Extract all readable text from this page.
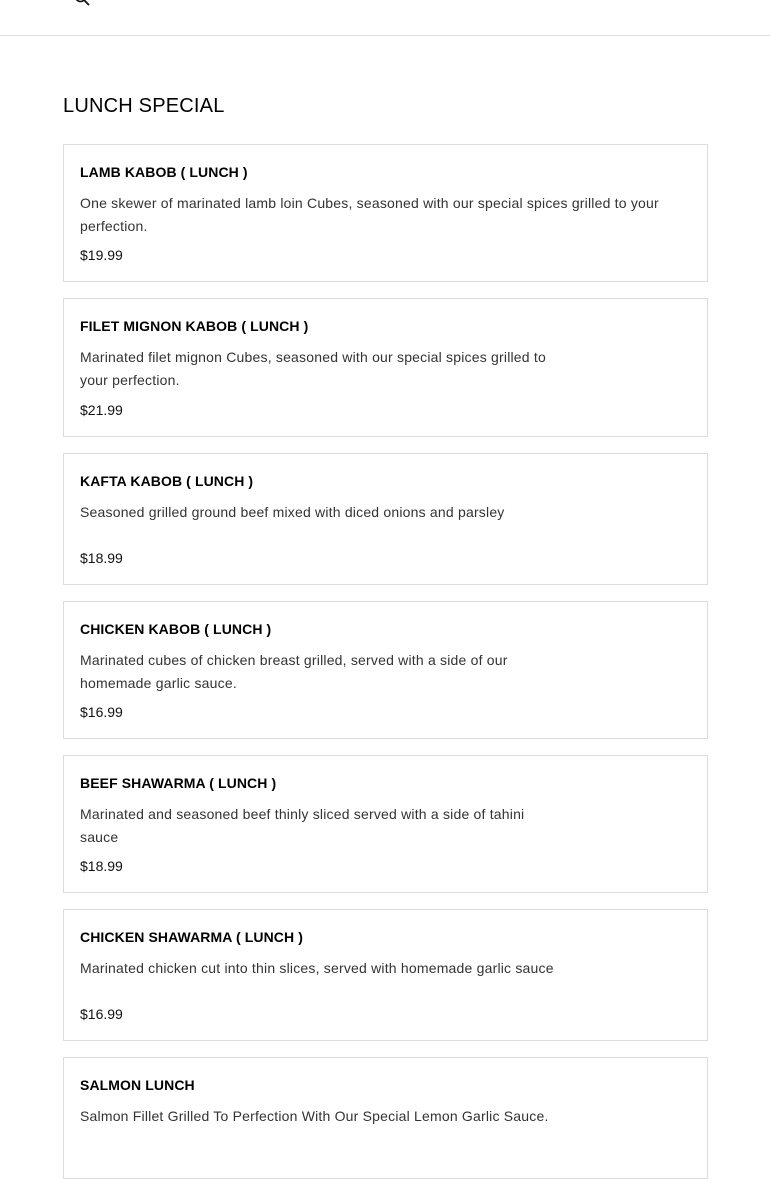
LUNCH SPECIAL
LAMB KABOB ( LUNCH )
One skewer of marinated lamb loin Cubes, seasoned with our special spices grilled to your perfection.
$19.99
FILET MIGNON KABOB ( LUNCH )
Marinated filet mignon Cubes, seasoned with our special spices grilled to your perfection.
$21.99
KAFTA KABOB ( LUNCH )
Seasoned grilled ground beef mixed with diced onions and parsley
$18.99
CHICKEN KABOB ( LUNCH )
Marinated cubes of chicken breast grilled, served with a side of our homemade garlic sauce.
$16.99
BEEF SHAWARMA ( LUNCH )
Marinated and seasoned beef thinly sliced served with a side of tahini sauce
$18.99
CHICKEN SHAWARMA ( LUNCH )
Marinated chicken cut into thin slices, served with homemade garlic sauce
$16.99
SALMON LUNCH
Salmon Fillet Grilled To Perfection With Our Special Lemon Garlic Sauce.
